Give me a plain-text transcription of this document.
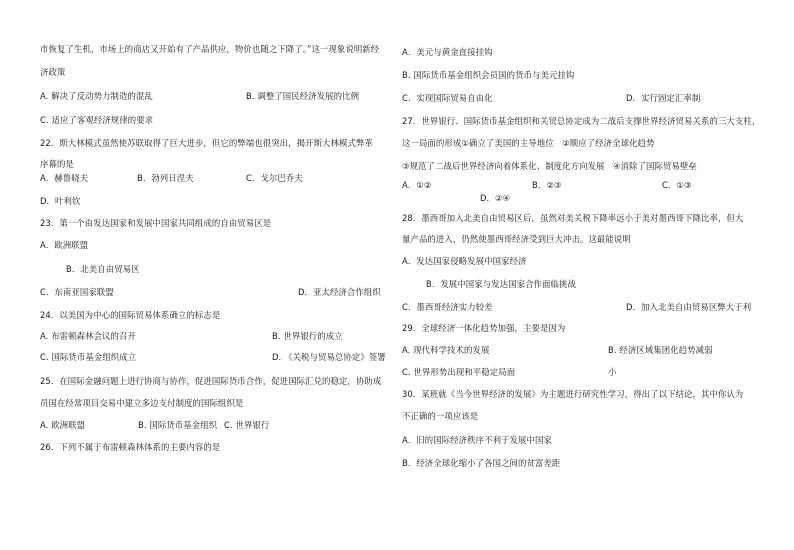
市恢复了生机，市场上的商店又开始有了产品供应，物价也随之下降了。”这一现象说明新经
济政策
A. 解决了反动势力制造的混乱	B. 调整了国民经济发展的比例
C. 适应了客观经济规律的要求
22．斯大林模式虽然使苏联取得了巨大进步，但它的弊端也很突出，揭开斯大林模式弊革
序幕的是
A．赫鲁晓夫	B．勃列日涅夫	C．戈尔巴乔夫
D．叶利钦
23．第一个由发达国家和发展中国家共同组成的自由贸易区是
A．欧洲联盟
B．北美自由贸易区
C．东南亚国家联盟	D．亚太经济合作组织
24．以美国为中心的国际贸易体系确立的标志是
A. 布雷顿森林会议的召开	B. 世界银行的成立
C. 国际货币基金组织成立	D. 《关税与贸易总协定》签署
25．在国际金融问题上进行协商与协作，促进国际货币合作，促进国际汇兑的稳定，协助成
员国在经常项目交易中建立多边支付制度的国际组织是
A. 欧洲联盟	B. 国际货币基金组织 C. 世界银行
26．下列不属于布雷顿森林体系的主要内容的是
A．美元与黄金直接挂钩
B. 国际货币基金组织会员国的货币与美元挂钩
C．实现国际贸易自由化	D．实行固定汇率制
27．世界银行、国际货币基金组织和关贸总协定成为二战后支撑世界经济贸易关系的三大支柱，
这一局面的形成①确立了美国的主导地位　②顺应了经济全球化趋势
③规范了二战后世界经济向着体系化、制度化方向发展　④消除了国际贸易壁垒
A．①②	B．②③	C．①③
D．②④
28．墨西哥加入北美自由贸易区后，虽然对美关税下降率远小于美对墨西哥下降比率，但大
量产品的进入，仍然使墨西哥经济受到巨大冲击。这最能说明
A．发达国家侵略发展中国家经济
B．发展中国家与发达国家合作面临挑战
C．墨西哥经济实力较差	D．加入北美自由贸易区弊大于利
29．全球经济一体化趋势加强，主要是因为
A. 现代科学技术的发展	B. 经济区域集团化趋势减弱
C. 世界形势出现和平稳定局面	小
30．某班就《当今世界经济的发展》为主题进行研究性学习，得出了以下结论，其中你认为
不正确的一项应该是
A．旧的国际经济秩序不利于发展中国家
B．经济全球化缩小了各国之间的贫富差距
